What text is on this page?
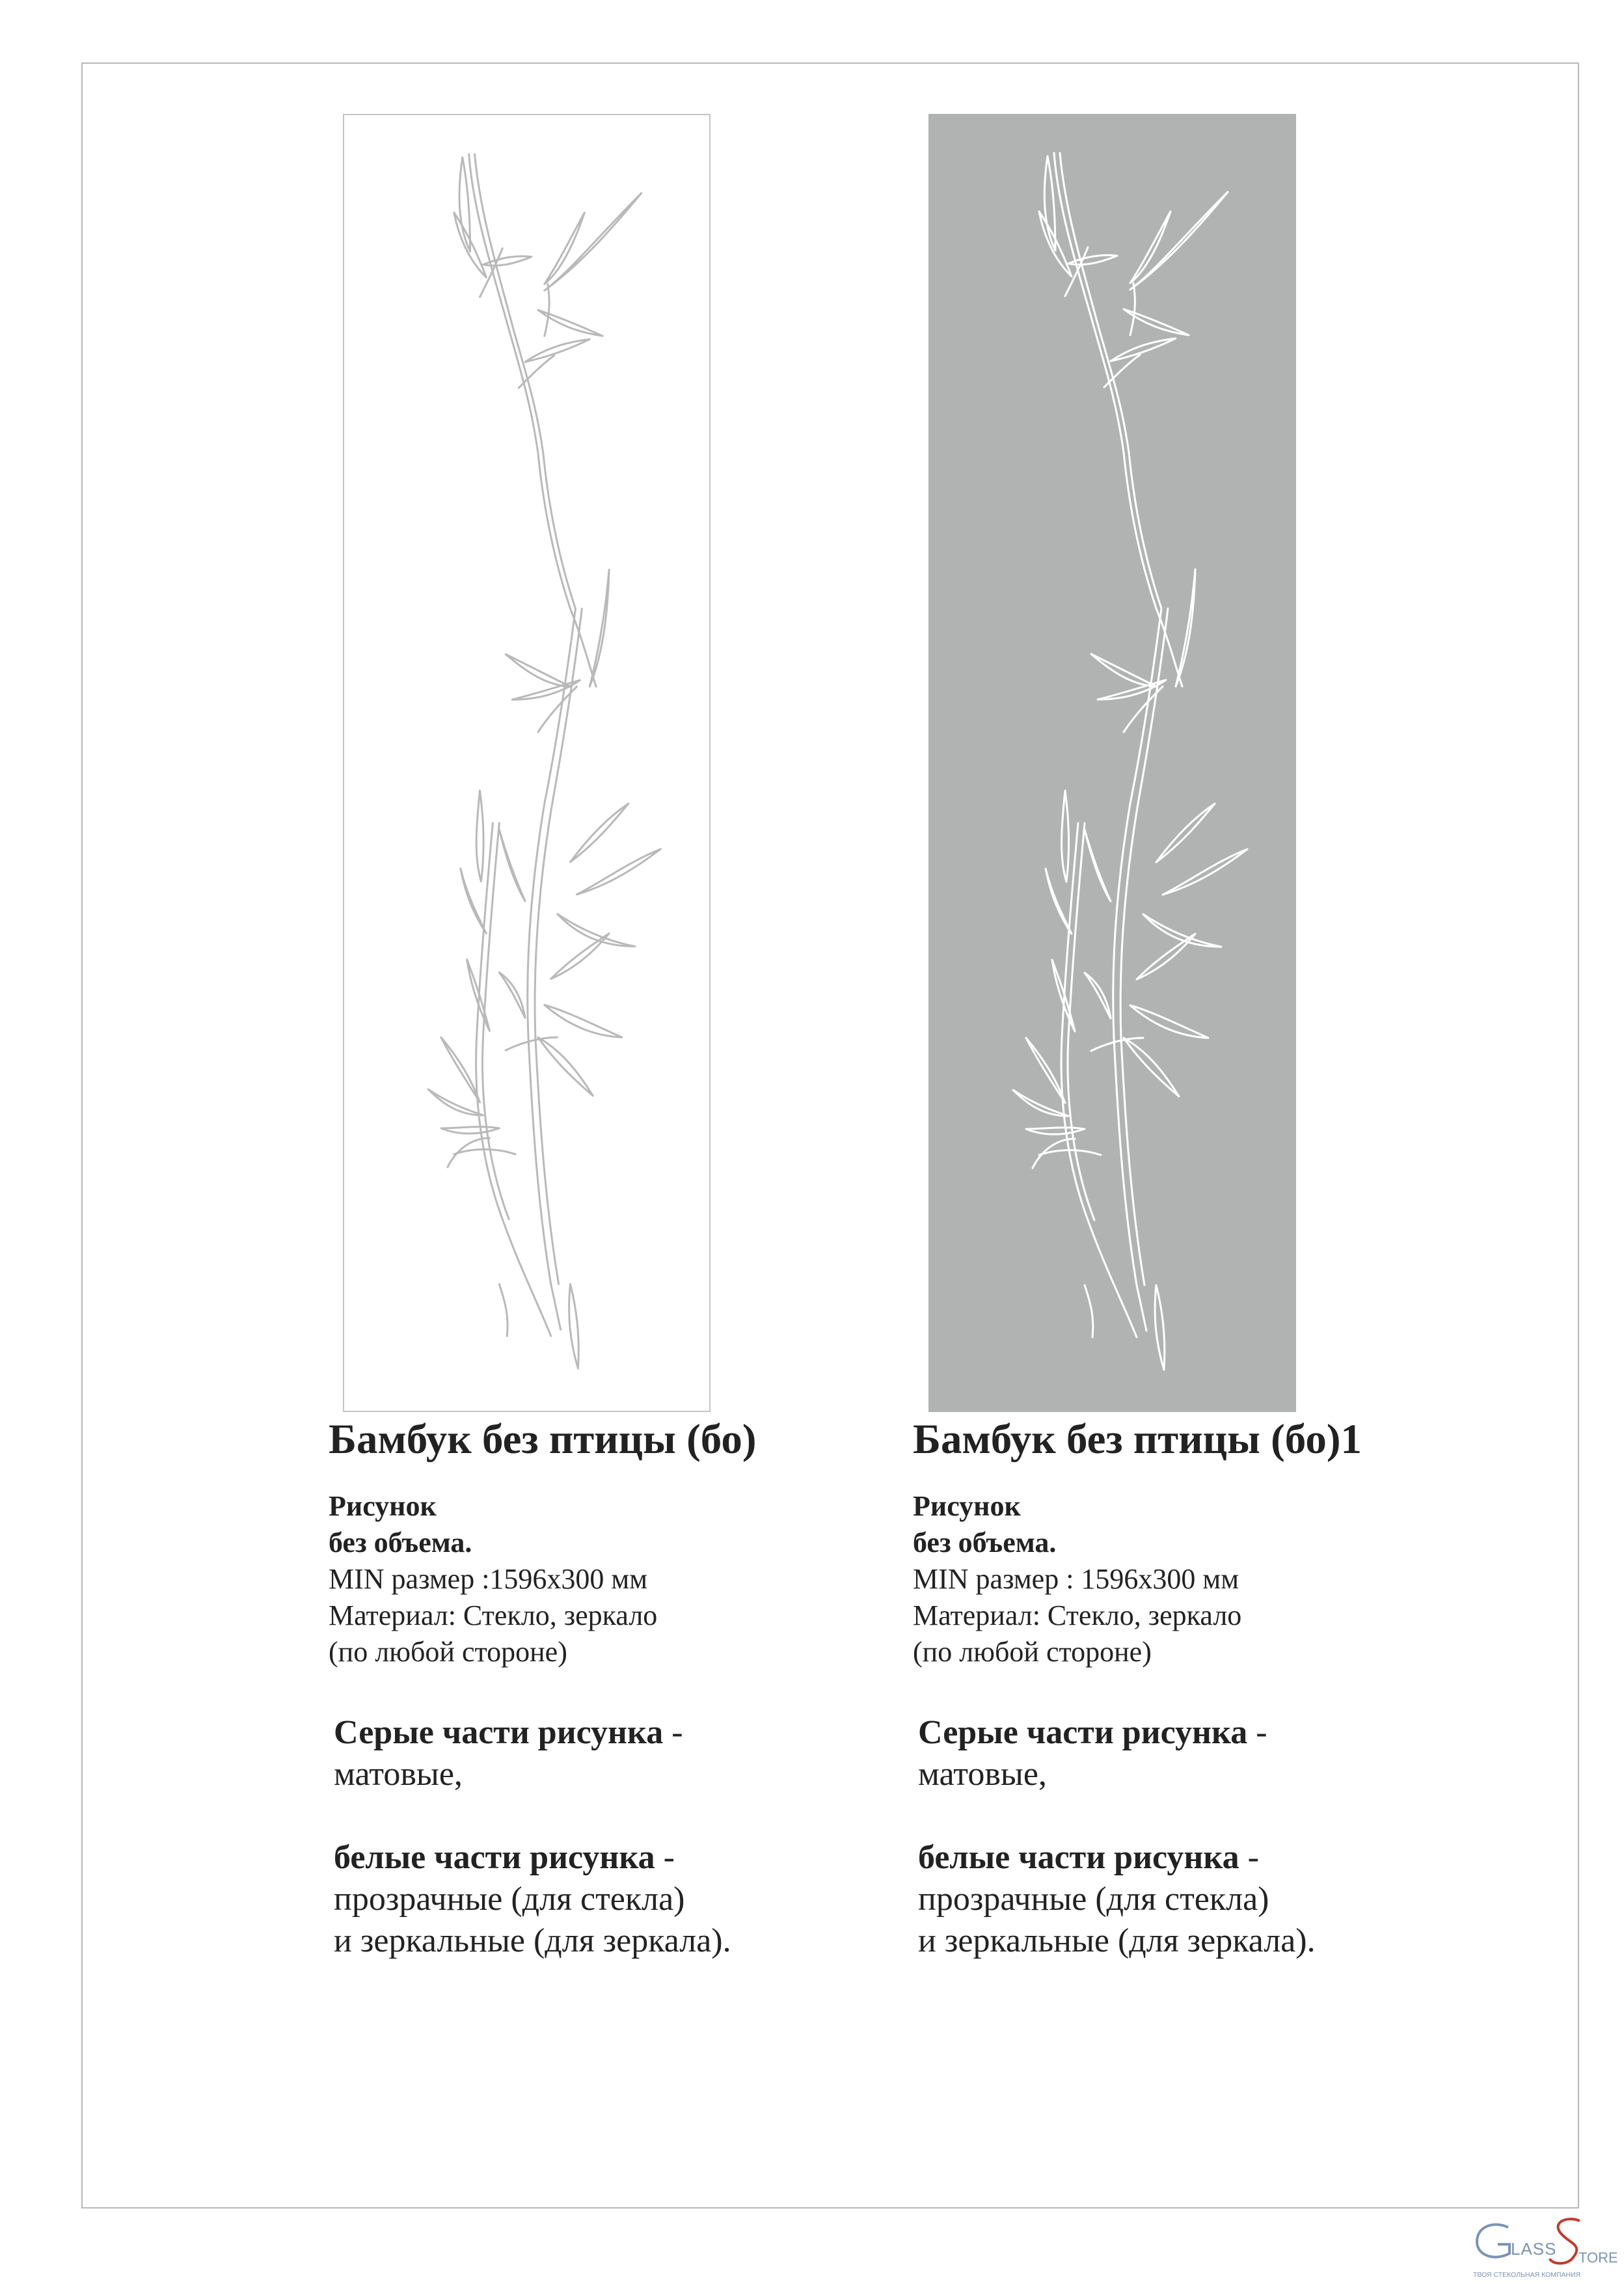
Бамбук без птицы (бо)
Рисунок
без объема.
MIN размер :1596x300 мм
Материал: Стекло, зеркало
(по любой стороне)
Серые части рисунка -
матовые,
белые части рисунка -
прозрачные (для стекла)
и зеркальные (для зеркала).
Бамбук без птицы (бо)1
Рисунок
без объема.
MIN размер : 1596x300 мм
Материал: Стекло, зеркало
(по любой стороне)
Серые части рисунка -
матовые,
белые части рисунка -
прозрачные (для стекла)
и зеркальные (для зеркала).
LASS TORE
ТВОЯ СТЕКОЛЬНАЯ КОМПАНИЯ
